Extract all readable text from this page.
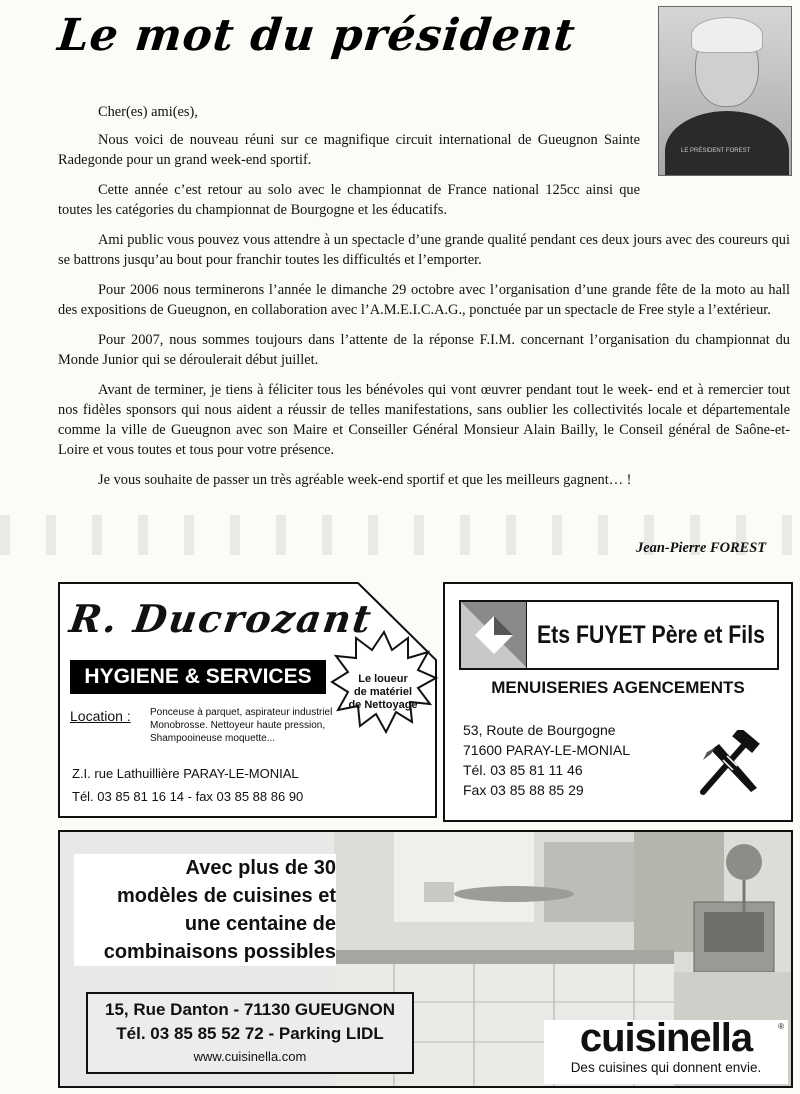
Le mot du président
LE PRÉSIDENT FOREST

Cher(es) ami(es),

Nous voici de nouveau réuni sur ce magnifique circuit international de Gueugnon Sainte Radegonde pour un grand week-end sportif.

Cette année c’est retour au solo avec le championnat de France national 125cc ainsi que toutes les catégories du championnat de Bourgogne et les éducatifs.

Ami public vous pouvez vous attendre à un spectacle d’une grande qualité pendant ces deux jours avec des coureurs qui se battrons jusqu’au bout pour franchir toutes les difficultés et l’emporter.

Pour 2006 nous terminerons l’année le dimanche 29 octobre avec l’organisation d’une grande fête de la moto au hall des expositions de Gueugnon, en collaboration avec l’A.M.E.I.C.A.G., ponctuée par un spectacle de Free style a l’extérieur.

Pour 2007, nous sommes toujours dans l’attente de la réponse F.I.M. concernant l’organisation du championnat du Monde Junior qui se déroulerait début juillet.

Avant de terminer, je tiens à féliciter tous les bénévoles qui vont œuvrer pendant tout le week- end et à remercier tout nos fidèles sponsors qui nous aident a réussir de telles manifestations, sans oublier les collectivités locale et départementale comme la ville de Gueugnon avec son Maire et Conseiller Général Monsieur Alain Bailly, le Conseil général de Saône-et-Loire et vous toutes et tous pour votre présence.

Je vous souhaite de passer un très agréable week-end sportif et que les meilleurs gagnent… !

Jean-Pierre FOREST
R. Ducrozant
HYGIENE & SERVICES	Le loueur
de matériel
de Nettoyage
Location : Ponceuse à parquet, aspirateur industriel Monobrosse. Nettoyeur haute pression, Shampooineuse moquette...
Z.I. rue Lathuillière PARAY-LE-MONIAL
Tél. 03 85 81 16 14 - fax 03 85 88 86 90
Ets FUYET Père et Fils
MENUISERIES AGENCEMENTS
53, Route de Bourgogne
71600 PARAY-LE-MONIAL
Tél. 03 85 81 11 46
Fax 03 85 88 85 29
Avec plus de 30
modèles de cuisines et
une centaine de
combinaisons possibles
15, Rue Danton - 71130 GUEUGNON
Tél. 03 85 85 52 72 - Parking LIDL
www.cuisinella.com	cuisinella	®
Des cuisines qui donnent envie.
